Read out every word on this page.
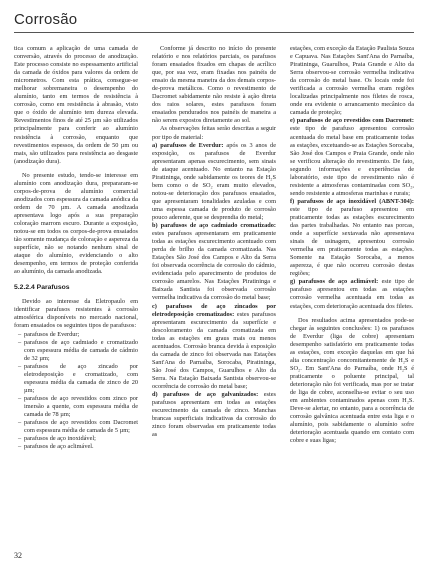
Corrosão

tica comum a aplicação de uma camada de conversão, através do processo de anodização. Este processo consiste no espessamento artificial da camada de óxidos para valores da ordem de micrometros. Com esta prática, consegue-se melhorar sobremaneira o desempenho do alumínio, tanto em termos de resistência à corrosão, como em resistência à abrasão, visto que o óxido de alumínio tem dureza elevada. Revestimentos finos de até 25 µm são utilizados principalmente para conferir ao alumínio resistência à corrosão, enquanto que revestimentos espessos, da ordem de 50 µm ou mais, são utilizados para resistência ao desgaste (anodização dura).

No presente estudo, tendo-se interesse em alumínio com anodização dura, prepararam-se corpos-de-prova de alumínio comercial anodizados com espessura da camada anódica da ordem de 70 µm. A camada anodizada apresentava logo após a sua preparação coloração marrom escuro. Durante a exposição, notou-se em todos os corpos-de-prova ensaiados tão somente mudança de coloração e aspereza da superfície, não se notando nenhum sinal de ataque do alumínio, evidenciando o alto desempenho, em termos de proteção conferida ao alumínio, da camada anodizada.

5.2.2.4 Parafusos

Devido ao interesse da Eletropaulo em identificar parafusos resistentes à corrosão atmosférica disponíveis no mercado nacional, foram ensaiados os seguintes tipos de parafusos:

– parafusos de Everdur;
– parafusos de aço cadmiado e cromatizado com espessura média de camada de cádmio de 32 µm;
– parafusos de aço zincado por eletrodeposição e cromatizado, com espessura média da camada de zinco de 20 µm;
– parafusos de aço revestidos com zinco por imersão a quente, com espessura média de camada de 78 µm;
– parafusos de aço revestidos com Dacromet com espessura média de camada de 5 µm;
– parafusos de aço inoxidável;
– parafusos de aço aclimável.

Conforme já descrito no início do presente relatório e nos relatórios parciais, os parafusos foram ensaiados fixados em chapas de acrílico que, por sua vez, eram fixadas nos painéis de ensaio da mesma maneira da dos demais corpos-de-prova metálicos. Como o revestimento de Dacromet sabidamente não resiste à ação direta dos raios solares, estes parafusos foram ensaiados pendurados nos painéis de maneira a não serem expostos diretamente ao sol.

As observações feitas serão descritas a seguir por tipo de material:

a) parafusos de Everdur: após os 3 anos de exposição, os parafusos de Everdur apresentaram apenas escurecimento, sem sinais de ataque acentuado. No entanto na Estação Piratininga, onde sabidamente os teores de H₂S bem como o de SO₂ eram muito elevados, notou-se deterioração dos parafusos ensaiados, que apresentaram tonalidades azuladas e com uma espessa camada de produto de corrosão pouco aderente, que se desprendia do metal;

b) parafusos de aço cadmiado cromatizado: estes parafusos apresentaram em praticamente todas as estações escurecimento acentuado com perda de brilho da camada cromatizada. Nas Estações São José dos Campos e Alto da Serra foi observada ocorrência de corrosão do cádmio, evidenciada pelo aparecimento de produtos de corrosão amarelos. Nas Estações Piratininga e Baixada Santista foi observada corrosão vermelha indicativa da corrosão do metal base;

c) parafusos de aço zincados por eletrodeposição cromatizados: estes parafusos apresentaram escurecimento da superfície e descoloramento da camada cromatizada em todas as estações em graus mais ou menos acentuados. Corrosão branca devida à exposição da camada de zinco foi observada nas Estações Sant'Ana do Parnaíba, Sorocaba, Piratininga, São José dos Campos, Guarulhos e Alto da Serra. Na Estação Baixada Santista observou-se ocorrência de corrosão do metal base;

d) parafusos de aço galvanizados: estes parafusos apresentam em todas as estações escurecimento da camada de zinco. Manchas brancas superficiais indicativas da corrosão do zinco foram observadas em praticamente todas as

estações, com exceção da Estação Paulista Souza e Capuava. Nas Estações Sant'Ana do Parnaíba, Piratininga, Guarulhos, Praia Grande e Alto da Serra observou-se corrosão vermelha indicativa da corrosão do metal base. Os locais onde foi verificada a corrosão vermelha eram regiões localizadas principalmente nos filetes de rosca, onde era evidente o arrancamento mecânico da camada de proteção;

e) parafusos de aço revestidos com Dacromet: este tipo de parafuso apresentou corrosão acentuada do metal base em praticamente todas as estações, excetuando-se as Estações Sorocaba, São José dos Campos e Praia Grande, onde não se verificou alteração do revestimento. De fato, segundo informações e experiências de laboratório, este tipo de revestimento não é resistente a atmosferas contaminadas com SO₂, sendo resistente a atmosferas marinhas e rurais;

f) parafusos de aço inoxidável (ABNT-304): este tipo de parafuso apresentou em praticamente todas as estações escurecimento das partes trabalhadas. No entanto nas porcas, onde a superfície sextavada não apresentava sinais de usinagem, apresentou corrosão vermelha em praticamente todas as estações. Somente na Estação Sorocaba, a menos aspereza, é que não ocorreu corrosão destas regiões;

g) parafusos de aço aclimável: este tipo de parafuso apresentou em todas as estações corrosão vermelha acentuada em todas as estações, com deterioração acentuada dos filetes.

Dos resultados acima apresentados pode-se chegar às seguintes conclusões: 1) os parafusos de Everdur (liga de cobre) apresentam desempenho satisfatório em praticamente todas as estações, com exceção daquelas em que há alta concentração concomitantemente de H₂S e SO₂. Em Sant'Ana do Parnaíba, onde H₂S é praticamente o poluente principal, tal deterioração não foi verificada, mas por se tratar de liga de cobre, aconselha-se evitar o seu uso em ambientes contaminados apenas com H₂S. Deve-se alertar, no entanto, para a ocorrência de corrosão galvânica acentuada entre esta liga e o alumínio, pois sabidamente o alumínio sofre deterioração acentuada quando em contato com cobre e suas ligas;

32
